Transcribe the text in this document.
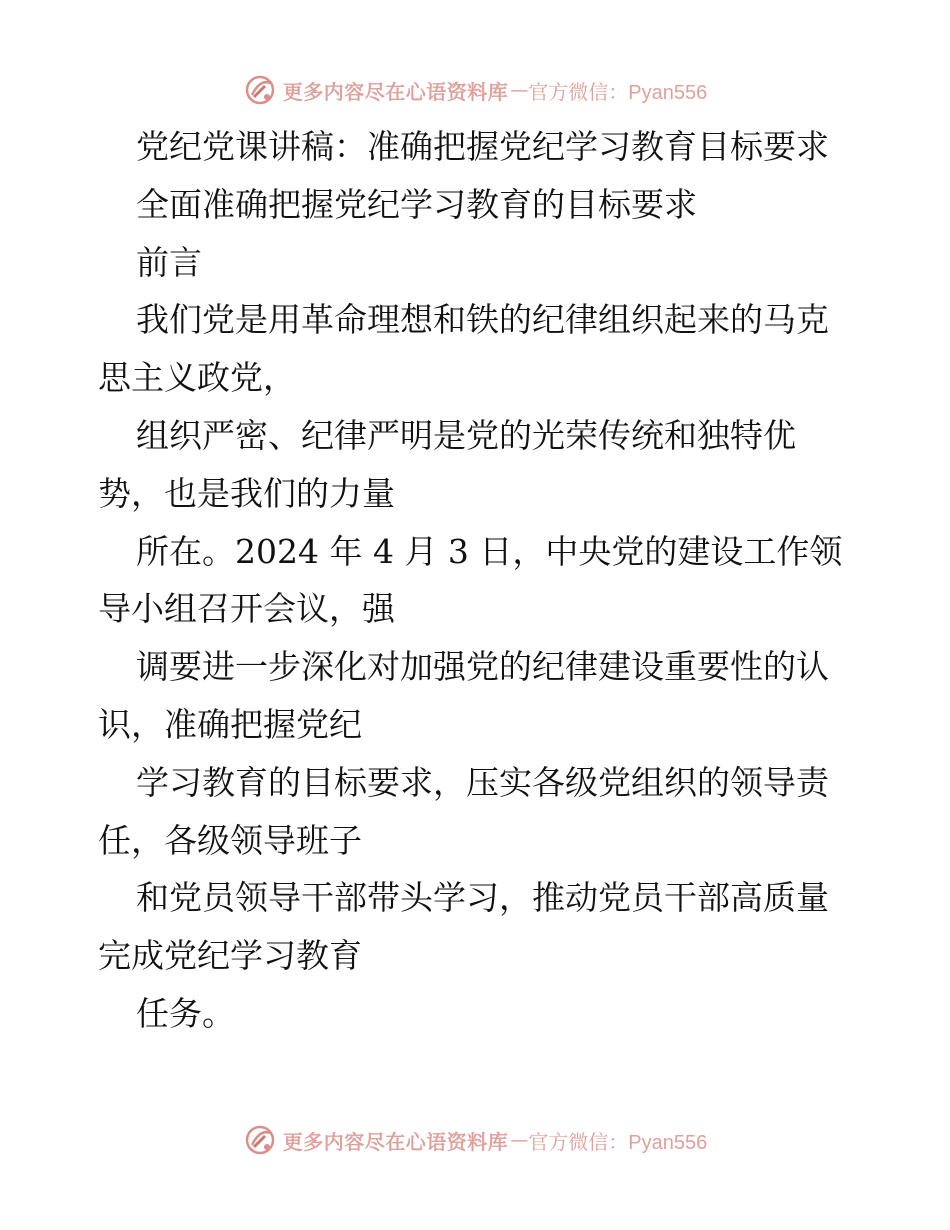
更多内容尽在心语资料库 — 官方微信：Pyan556
党纪党课讲稿：准确把握党纪学习教育目标要求
全面准确把握党纪学习教育的目标要求
前言
我们党是用革命理想和铁的纪律组织起来的马克
思主义政党，
组织严密、纪律严明是党的光荣传统和独特优
势，也是我们的力量
所在。2024 年 4 月 3 日，中央党的建设工作领
导小组召开会议，强
调要进一步深化对加强党的纪律建设重要性的认
识，准确把握党纪
学习教育的目标要求，压实各级党组织的领导责
任，各级领导班子
和党员领导干部带头学习，推动党员干部高质量
完成党纪学习教育
任务。
更多内容尽在心语资料库 — 官方微信：Pyan556
